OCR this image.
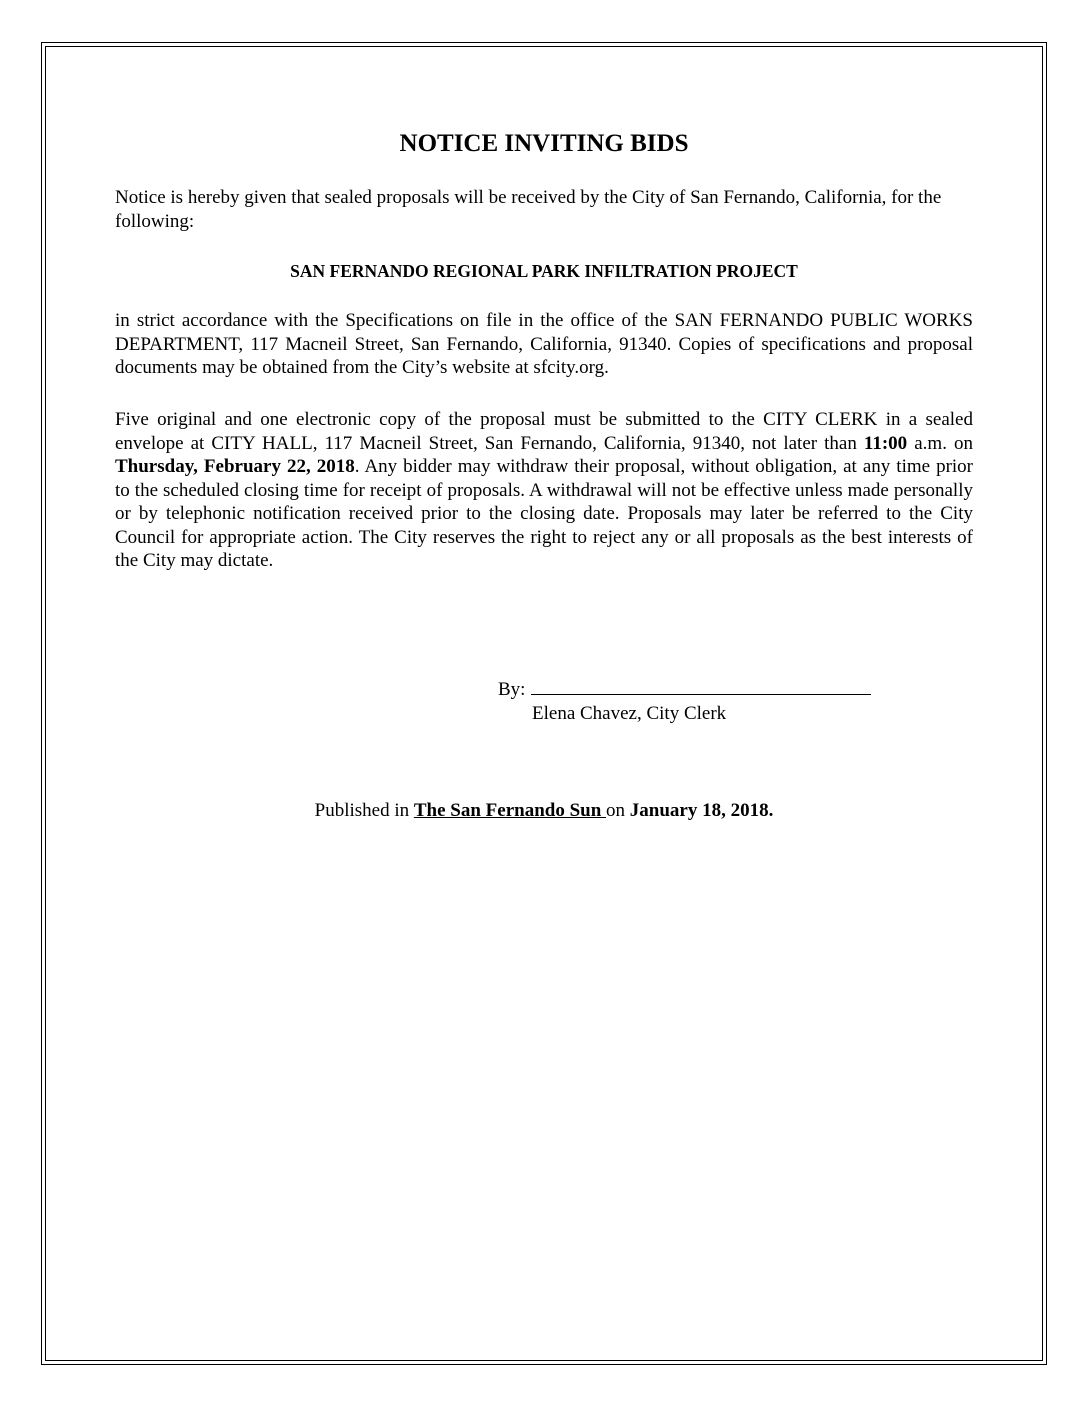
NOTICE INVITING BIDS

Notice is hereby given that sealed proposals will be received by the City of San Fernando, California, for the following:

SAN FERNANDO REGIONAL PARK INFILTRATION PROJECT

in strict accordance with the Specifications on file in the office of the SAN FERNANDO PUBLIC WORKS DEPARTMENT, 117 Macneil Street, San Fernando, California, 91340. Copies of specifications and proposal documents may be obtained from the City’s website at sfcity.org.

Five original and one electronic copy of the proposal must be submitted to the CITY CLERK in a sealed envelope at CITY HALL, 117 Macneil Street, San Fernando, California, 91340, not later than 11:00 a.m. on Thursday, February 22, 2018. Any bidder may withdraw their proposal, without obligation, at any time prior to the scheduled closing time for receipt of proposals. A withdrawal will not be effective unless made personally or by telephonic notification received prior to the closing date. Proposals may later be referred to the City Council for appropriate action. The City reserves the right to reject any or all proposals as the best interests of the City may dictate.

By:
Elena Chavez, City Clerk
Published in The San Fernando Sun on January 18, 2018.
